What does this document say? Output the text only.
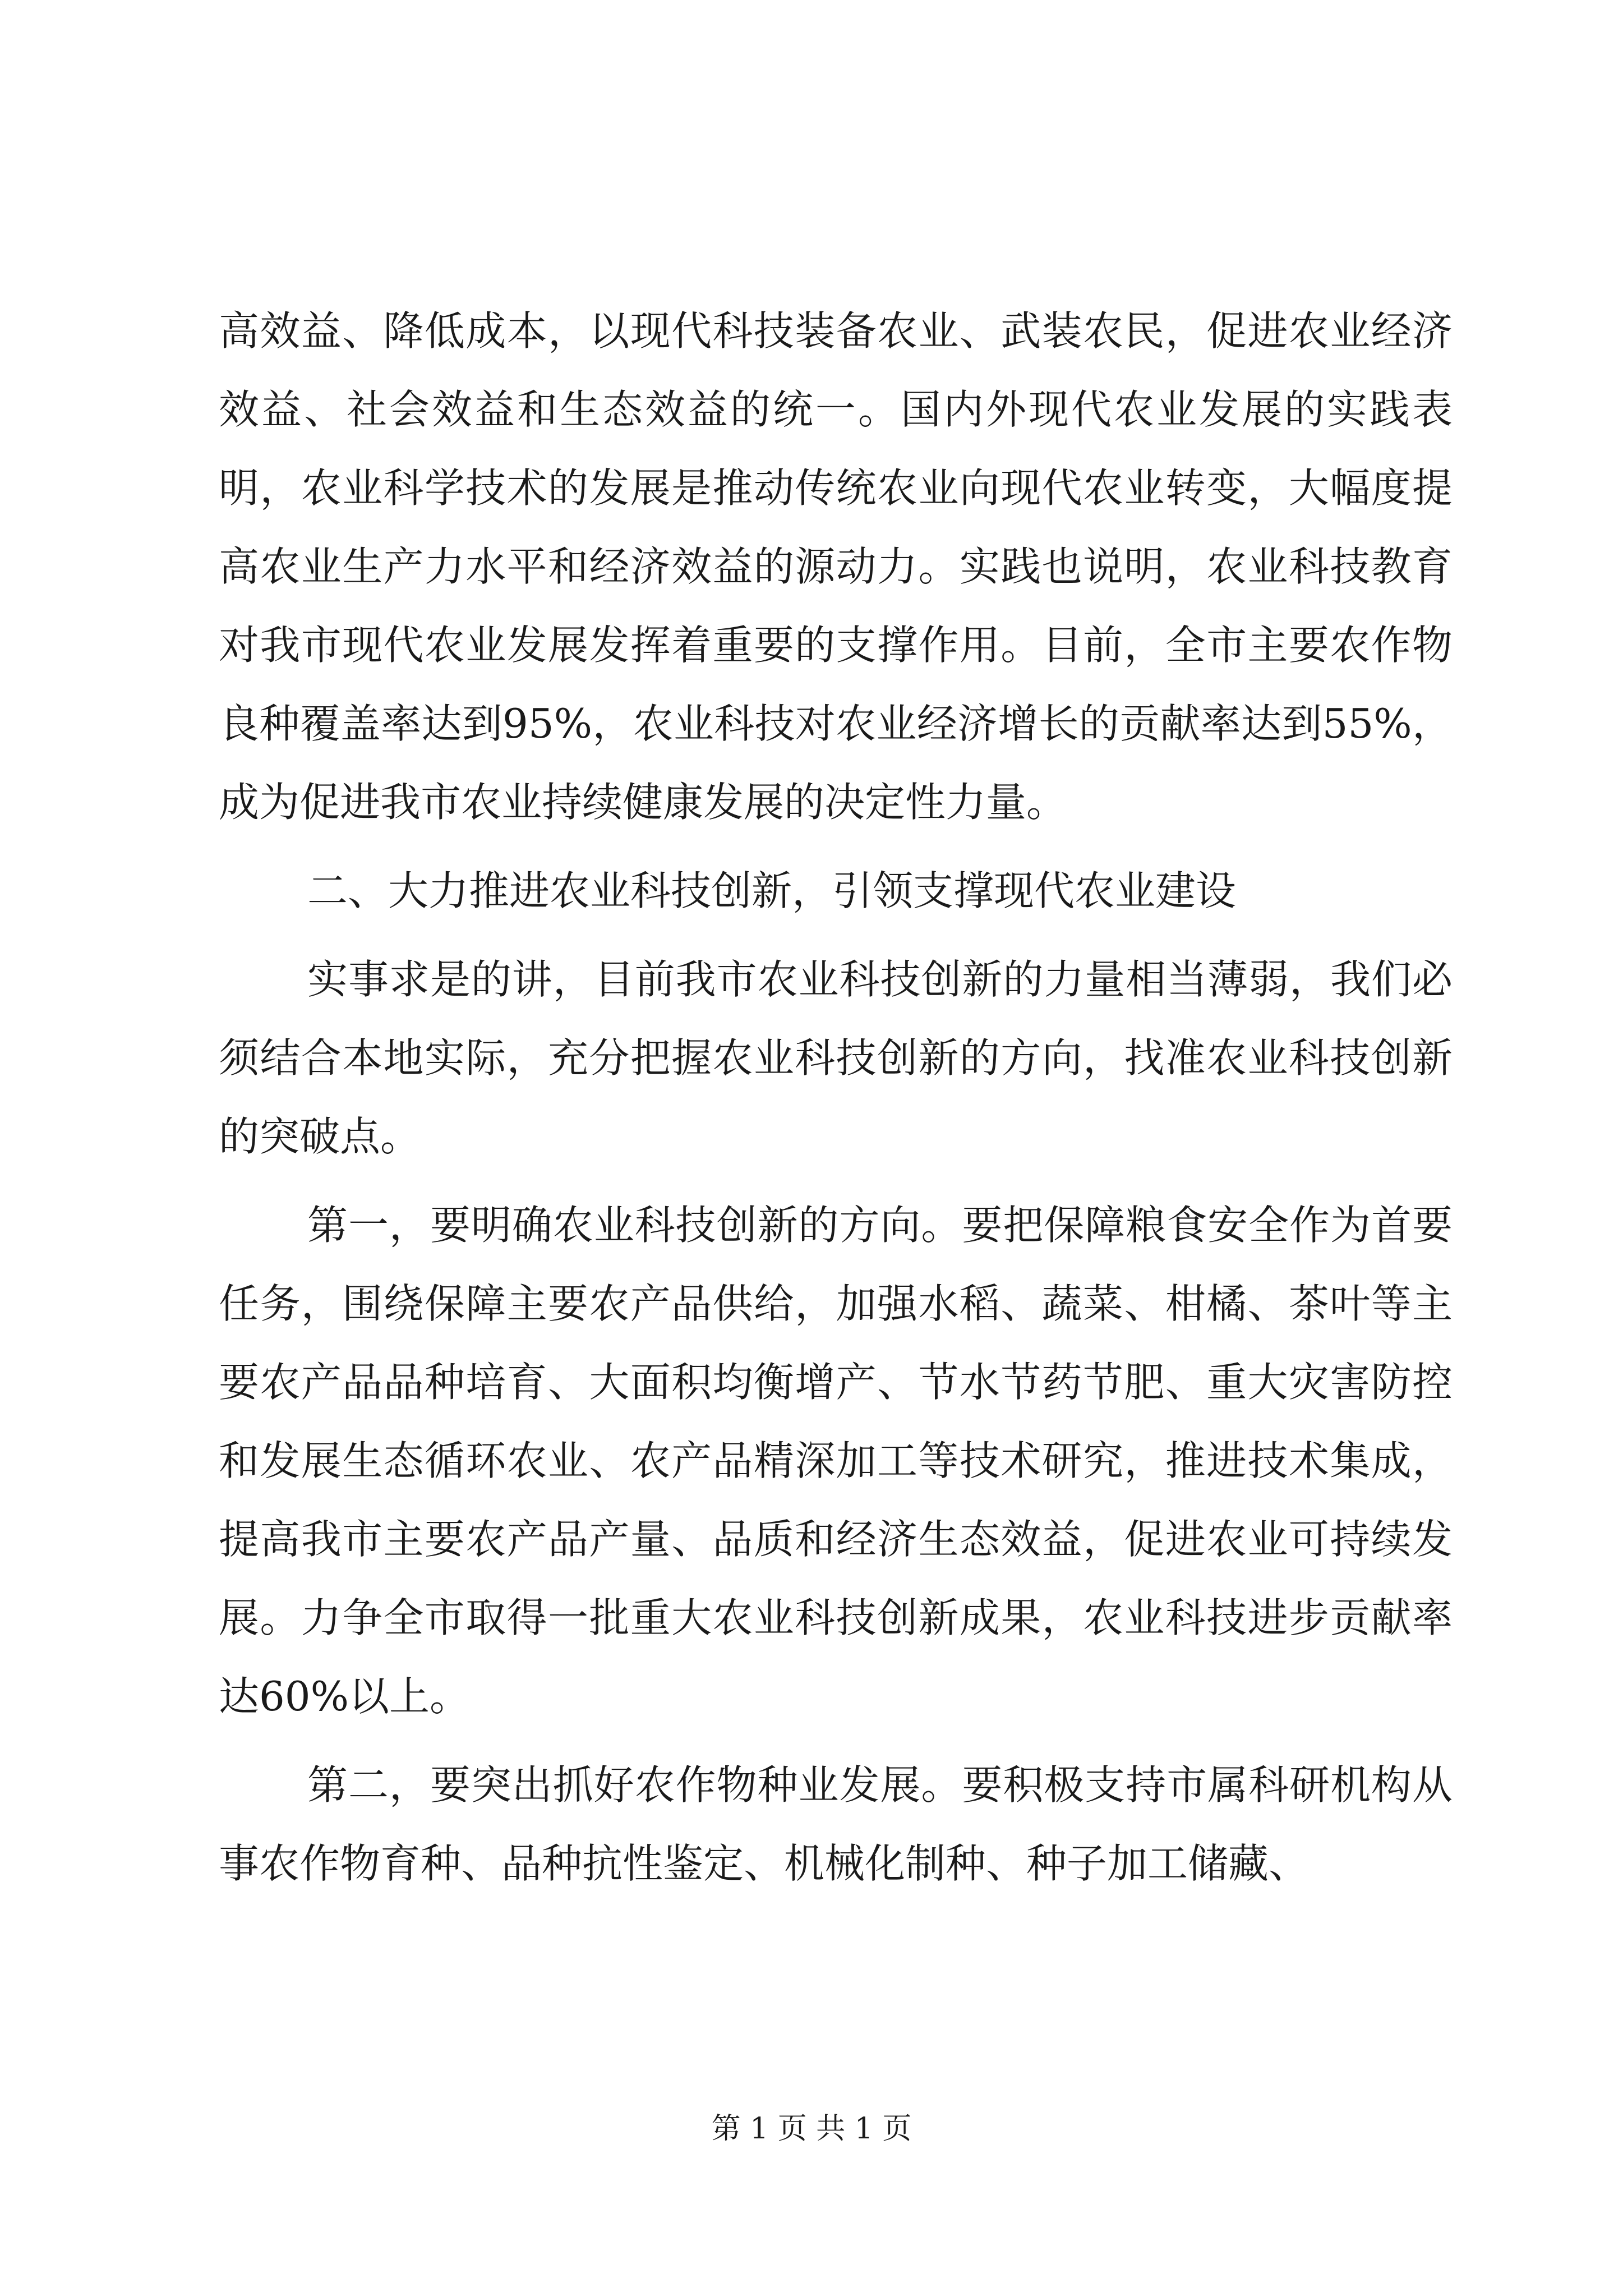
高效益、降低成本，以现代科技装备农业、武装农民，促进农业经济效益、社会效益和生态效益的统一。国内外现代农业发展的实践表明，农业科学技术的发展是推动传统农业向现代农业转变，大幅度提高农业生产力水平和经济效益的源动力。实践也说明，农业科技教育对我市现代农业发展发挥着重要的支撑作用。目前，全市主要农作物良种覆盖率达到95%，农业科技对农业经济增长的贡献率达到55%，成为促进我市农业持续健康发展的决定性力量。

二、大力推进农业科技创新，引领支撑现代农业建设

实事求是的讲，目前我市农业科技创新的力量相当薄弱，我们必须结合本地实际，充分把握农业科技创新的方向，找准农业科技创新的突破点。

第一，要明确农业科技创新的方向。要把保障粮食安全作为首要任务，围绕保障主要农产品供给，加强水稻、蔬菜、柑橘、茶叶等主要农产品品种培育、大面积均衡增产、节水节药节肥、重大灾害防控和发展生态循环农业、农产品精深加工等技术研究，推进技术集成，提高我市主要农产品产量、品质和经济生态效益，促进农业可持续发展。力争全市取得一批重大农业科技创新成果，农业科技进步贡献率达60%以上。

第二，要突出抓好农作物种业发展。要积极支持市属科研机构从事农作物育种、品种抗性鉴定、机械化制种、种子加工储藏、

第 1 页 共 1 页
